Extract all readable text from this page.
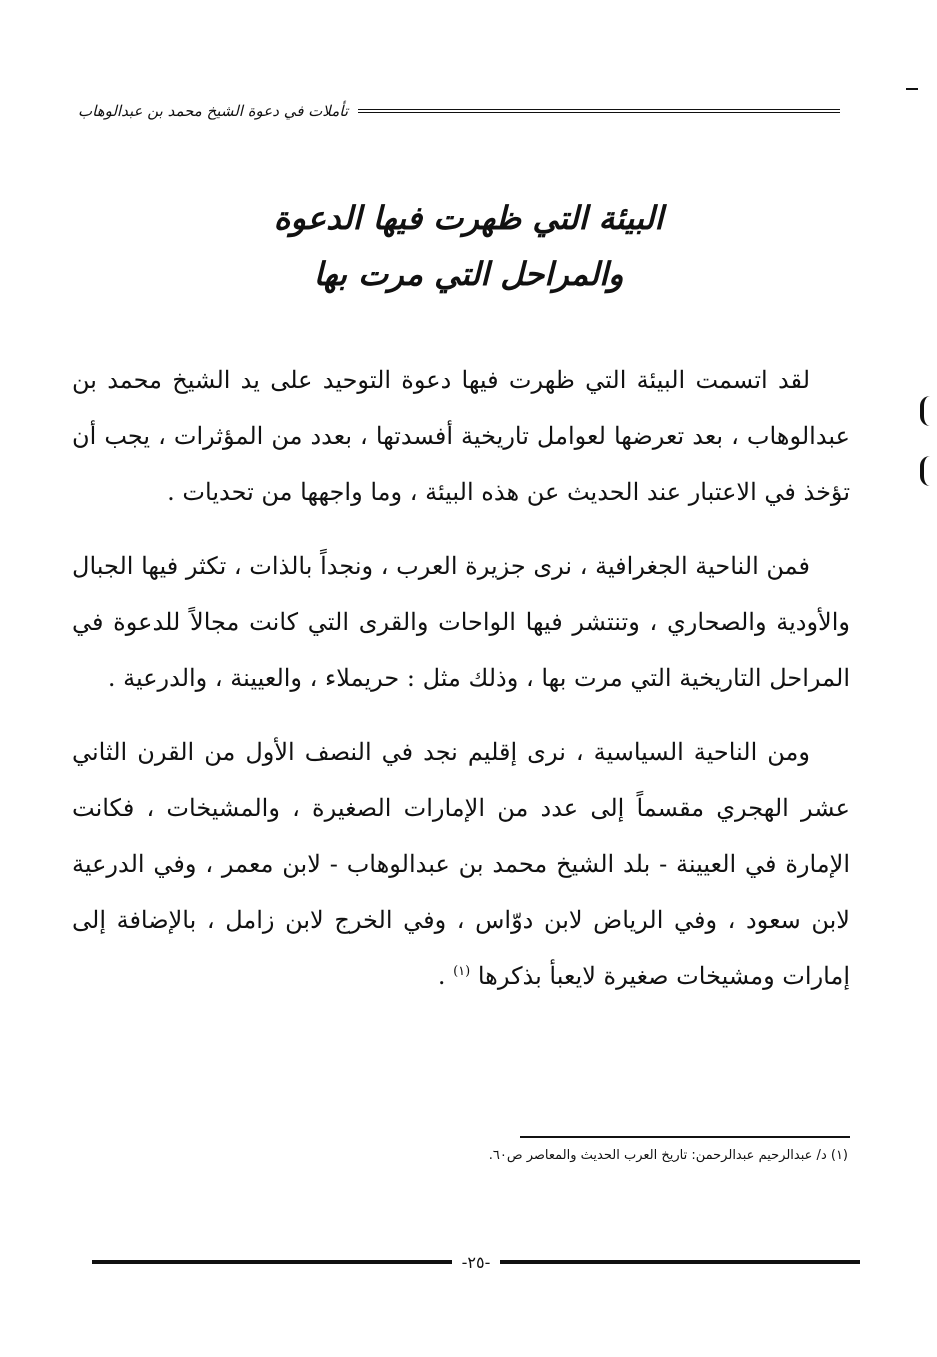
تأملات في دعوة الشيخ محمد بن عبدالوهاب
البيئة التي ظهرت فيها الدعوة
والمراحل التي مرت بها

لقد اتسمت البيئة التي ظهرت فيها دعوة التوحيد على يد الشيخ محمد بن عبدالوهاب ، بعد تعرضها لعوامل تاريخية أفسدتها ، بعدد من المؤثرات ، يجب أن تؤخذ في الاعتبار عند الحديث عن هذه البيئة ، وما واجهها من تحديات .

فمن الناحية الجغرافية ، نرى جزيرة العرب ، ونجداً بالذات ، تكثر فيها الجبال والأودية والصحاري ، وتنتشر فيها الواحات والقرى التي كانت مجالاً للدعوة في المراحل التاريخية التي مرت بها ، وذلك مثل : حريملاء ، والعيينة ، والدرعية .

ومن الناحية السياسية ، نرى إقليم نجد في النصف الأول من القرن الثاني عشر الهجري مقسماً إلى عدد من الإمارات الصغيرة ، والمشيخات ، فكانت الإمارة في العيينة - بلد الشيخ محمد بن عبدالوهاب - لابن معمر ، وفي الدرعية لابن سعود ، وفي الرياض لابن دوّاس ، وفي الخرج لابن زامل ، بالإضافة إلى إمارات ومشيخات صغيرة لايعبأ بذكرها $^{(١)}$ .

(١) د/ عبدالرحيم عبدالرحمن: تاريخ العرب الحديث والمعاصر ص٦٠.
-٢٥-
